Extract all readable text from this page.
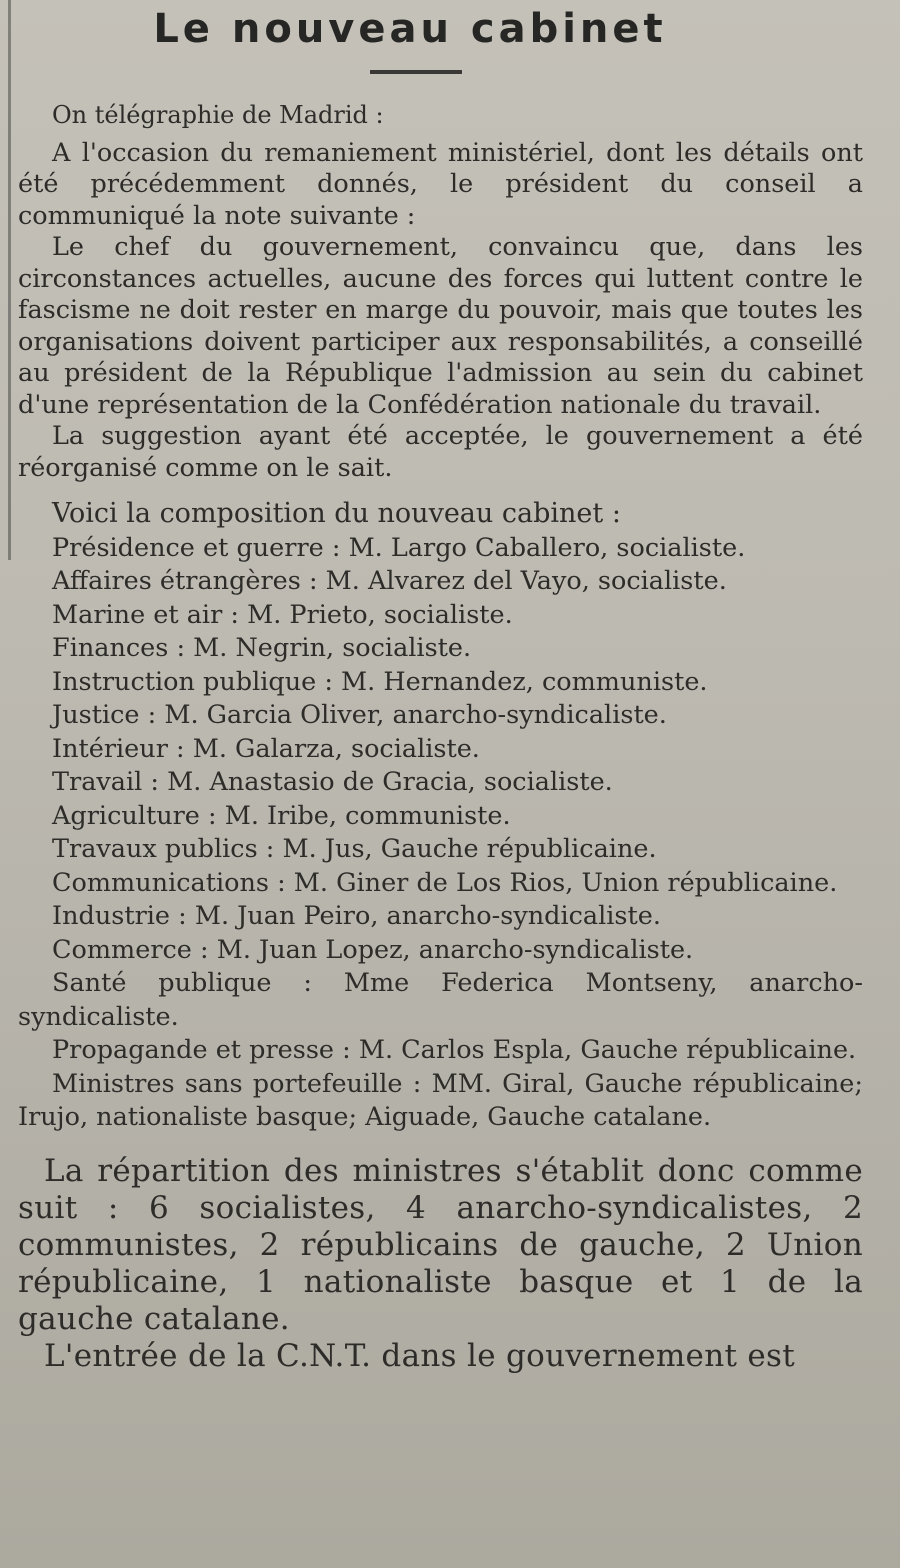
Le nouveau cabinet

On télégraphie de Madrid :

A l'occasion du remaniement ministériel, dont les détails ont été précédemment donnés, le président du conseil a communiqué la note suivante :

Le chef du gouvernement, convaincu que, dans les circonstances actuelles, aucune des forces qui luttent contre le fascisme ne doit rester en marge du pouvoir, mais que toutes les organisations doivent participer aux responsabilités, a conseillé au président de la République l'admission au sein du cabinet d'une représentation de la Confédération nationale du travail.

La suggestion ayant été acceptée, le gouvernement a été réorganisé comme on le sait.

Voici la composition du nouveau cabinet :

Présidence et guerre : M. Largo Caballero, socialiste.

Affaires étrangères : M. Alvarez del Vayo, socialiste.

Marine et air : M. Prieto, socialiste.

Finances : M. Negrin, socialiste.

Instruction publique : M. Hernandez, communiste.

Justice : M. Garcia Oliver, anarcho-syndicaliste.

Intérieur : M. Galarza, socialiste.

Travail : M. Anastasio de Gracia, socialiste.

Agriculture : M. Iribe, communiste.

Travaux publics : M. Jus, Gauche républicaine.

Communications : M. Giner de Los Rios, Union républicaine.

Industrie : M. Juan Peiro, anarcho-syndicaliste.

Commerce : M. Juan Lopez, anarcho-syndicaliste.

Santé publique : Mme Federica Montseny, anarcho-syndicaliste.

Propagande et presse : M. Carlos Espla, Gauche républicaine.

Ministres sans portefeuille : MM. Giral, Gauche républicaine; Irujo, nationaliste basque; Aiguade, Gauche catalane.

La répartition des ministres s'établit donc comme suit : 6 socialistes, 4 anarcho-syndicalistes, 2 communistes, 2 républicains de gauche, 2 Union républicaine, 1 nationaliste basque et 1 de la gauche catalane.

L'entrée de la C.N.T. dans le gouvernement est
